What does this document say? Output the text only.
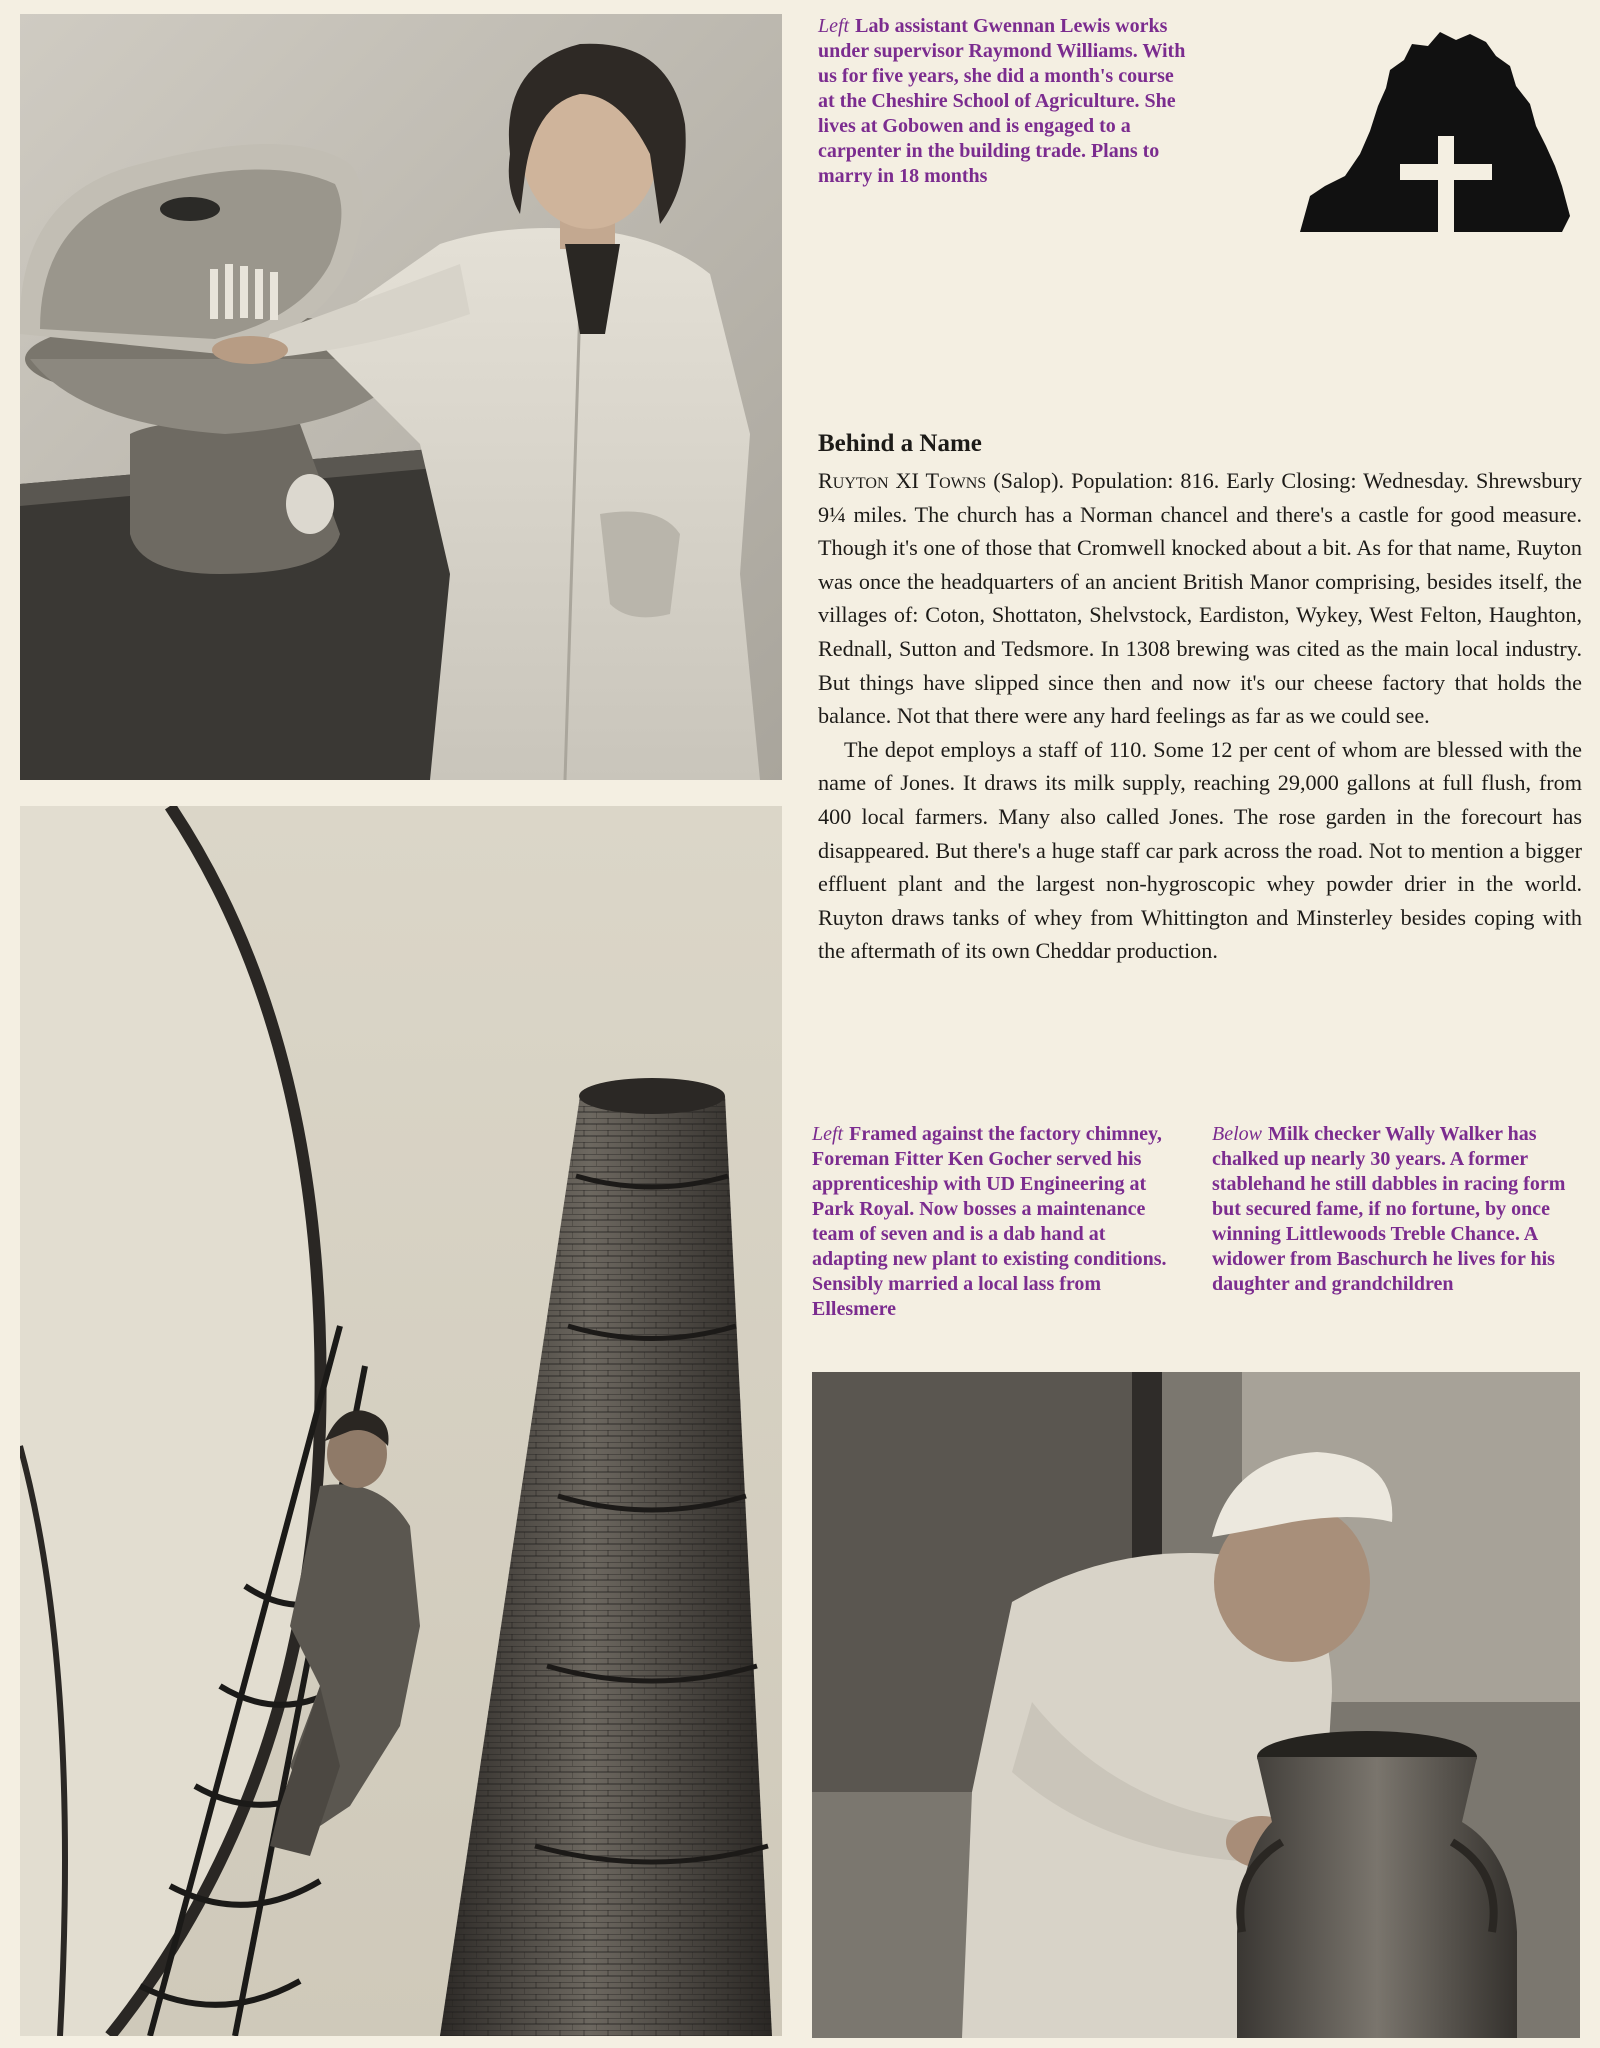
Left Lab assistant Gwennan Lewis works under supervisor Raymond Williams. With us for five years, she did a month's course at the Cheshire School of Agriculture. She lives at Gobowen and is engaged to a carpenter in the building trade. Plans to marry in 18 months
Behind a Name

Ruyton XI Towns (Salop). Population: 816. Early Closing: Wednesday. Shrewsbury 9¼ miles. The church has a Norman chancel and there's a castle for good measure. Though it's one of those that Cromwell knocked about a bit. As for that name, Ruyton was once the headquarters of an ancient British Manor comprising, besides itself, the villages of: Coton, Shottaton, Shelvstock, Eardiston, Wykey, West Felton, Haughton, Rednall, Sutton and Tedsmore. In 1308 brewing was cited as the main local industry. But things have slipped since then and now it's our cheese factory that holds the balance. Not that there were any hard feelings as far as we could see.

The depot employs a staff of 110. Some 12 per cent of whom are blessed with the name of Jones. It draws its milk supply, reaching 29,000 gallons at full flush, from 400 local farmers. Many also called Jones. The rose garden in the forecourt has disappeared. But there's a huge staff car park across the road. Not to mention a bigger effluent plant and the largest non-hygroscopic whey powder drier in the world. Ruyton draws tanks of whey from Whittington and Minsterley besides coping with the aftermath of its own Cheddar production.

Left Framed against the factory chimney, Foreman Fitter Ken Gocher served his apprenticeship with UD Engineering at Park Royal. Now bosses a maintenance team of seven and is a dab hand at adapting new plant to existing conditions. Sensibly married a local lass from Ellesmere
Below Milk checker Wally Walker has chalked up nearly 30 years. A former stablehand he still dabbles in racing form but secured fame, if no fortune, by once winning Littlewoods Treble Chance. A widower from Baschurch he lives for his daughter and grandchildren
